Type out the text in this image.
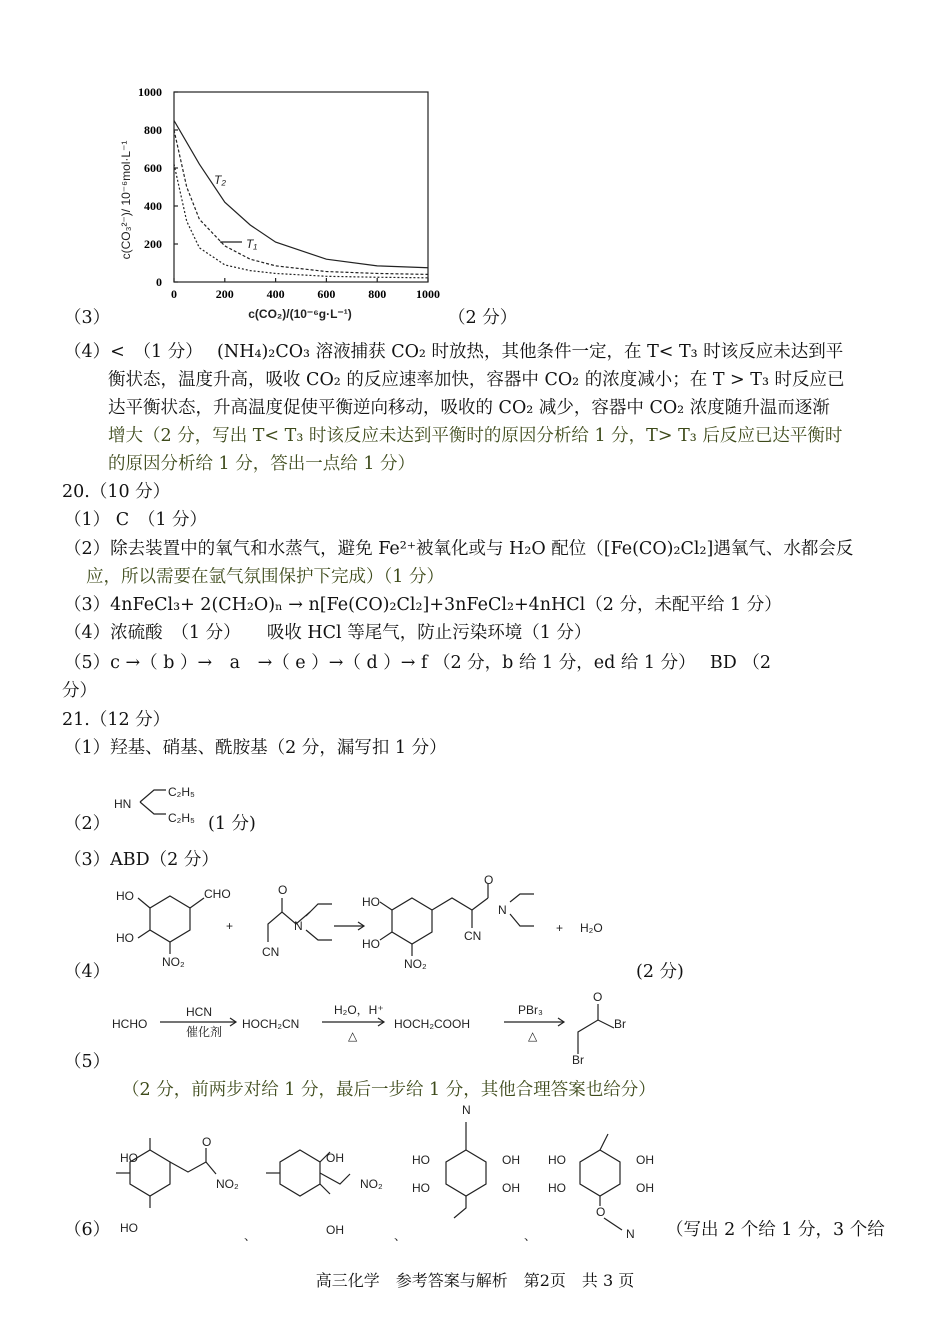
0
200
400
600
800
1000
0	200	400	600	800 1000
c(CO₃²⁻)/ 10⁻⁶mol·L⁻¹
c(CO₂)/(10⁻⁶g·L⁻¹)
T₂
T₁
（3）	（2 分）
（4）<　（1 分）　 (NH₄)₂CO₃ 溶液捕获 CO₂ 时放热，其他条件一定，在 T< T₃ 时该反应未达到平
衡状态，温度升高，吸收 CO₂ 的反应速率加快，容器中 CO₂ 的浓度减小；在 T > T₃ 时反应已
达平衡状态，升高温度促使平衡逆向移动，吸收的 CO₂ 减少，容器中 CO₂ 浓度随升温而逐渐
增大（2 分，写出 T< T₃ 时该反应未达到平衡时的原因分析给 1 分，T> T₃ 后反应已达平衡时
的原因分析给 1 分，答出一点给 1 分）
20.（10 分）
（1） C　（1 分）
（2）除去装置中的氧气和水蒸气，避免 Fe²⁺被氧化或与 H₂O 配位（[Fe(CO)₂Cl₂]遇氧气、水都会反
应，所以需要在氩气氛围保护下完成）（1 分）
（3）4nFeCl₃+ 2(CH₂O)ₙ → n[Fe(CO)₂Cl₂]+3nFeCl₂+4nHCl（2 分，未配平给 1 分）
（4）浓硫酸　（1 分）　　吸收 HCl 等尾气，防止污染环境（1 分）
（5）c →（ b ）→　a　→（ e ）→（ d ）→ f （2 分，b 给 1 分，ed 给 1 分）　 BD （2
分）
21.（12 分）
（1）羟基、硝基、酰胺基（2 分，漏写扣 1 分）
（2）
HN
C₂H₅
C₂H₅ (1 分)
（3）ABD（2 分）
CHO
HO
HO
NO₂
+
O
CN
N
HO
HO
NO₂
CN
O
N
+ H₂O
（4）	(2 分)
HCHO
HCN
催化剂
HOCH₂CN
H₂O，H⁺
△
HOCH₂COOH
PBr₃
△
O
Br
Br
（5）
（2 分，前两步对给 1 分，最后一步给 1 分，其他合理答案也给分）
HO
HO
O
NO₂
、
OH
OH
NO₂
、
N
HO
HO
OH
OH
、
HO
HO
OH
OH
O
N
（6）	（写出 2 个给 1 分，3 个给
高三化学　参考答案与解析　第2页　共 3 页
